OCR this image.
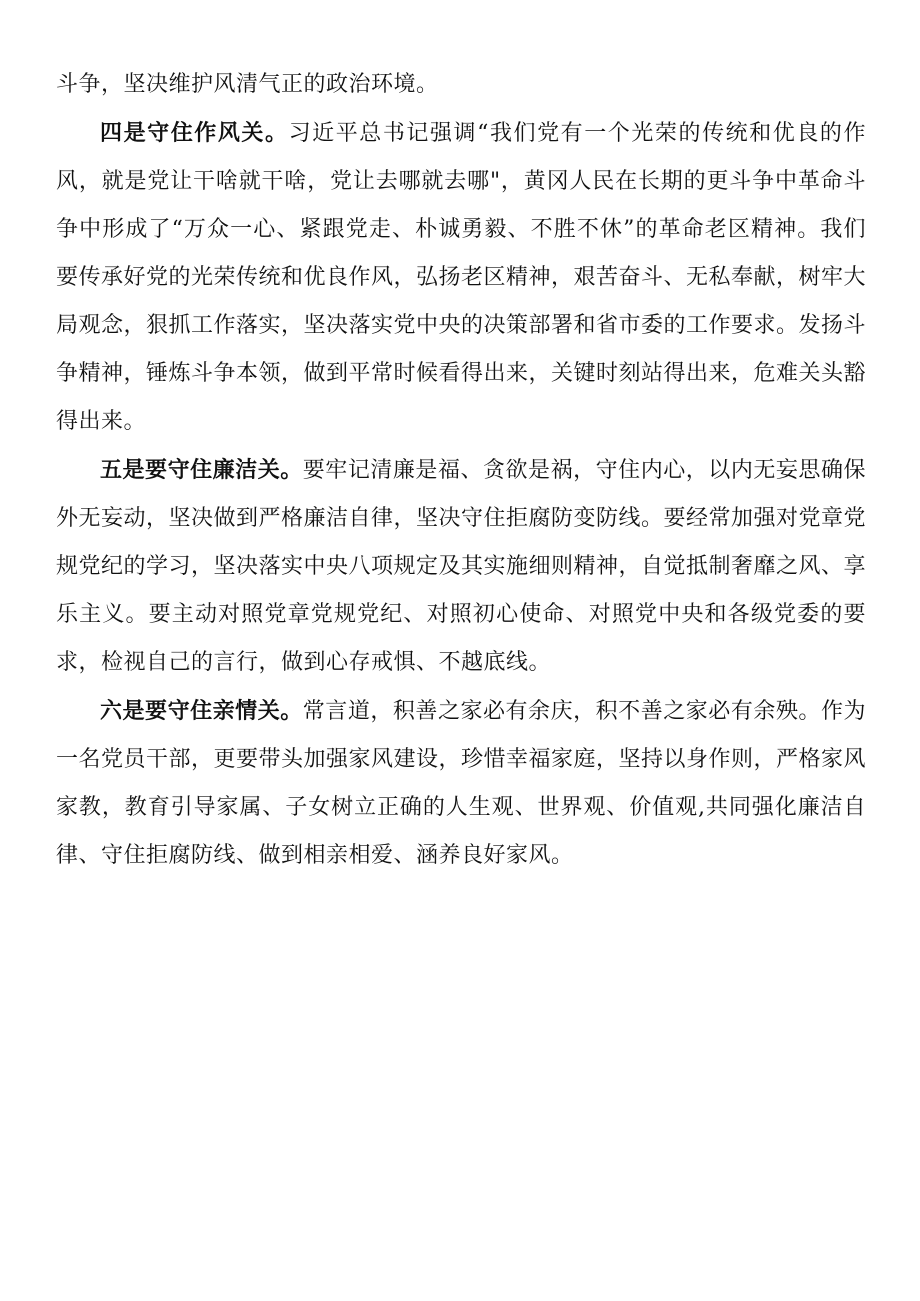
斗争，坚决维护风清气正的政治环境。

四是守住作风关。习近平总书记强调“我们党有一个光荣的传统和优良的作风，就是党让干啥就干啥，党让去哪就去哪"，黄冈人民在长期的更斗争中革命斗争中形成了“万众一心、紧跟党走、朴诚勇毅、不胜不休”的革命老区精神。我们要传承好党的光荣传统和优良作风，弘扬老区精神，艰苦奋斗、无私奉献，树牢大局观念，狠抓工作落实，坚决落实党中央的决策部署和省市委的工作要求。发扬斗争精神，锤炼斗争本领，做到平常时候看得出来，关键时刻站得出来，危难关头豁得出来。

五是要守住廉洁关。要牢记清廉是福、贪欲是祸，守住内心，以内无妄思确保外无妄动，坚决做到严格廉洁自律，坚决守住拒腐防变防线。要经常加强对党章党规党纪的学习，坚决落实中央八项规定及其实施细则精神，自觉抵制奢靡之风、享乐主义。要主动对照党章党规党纪、对照初心使命、对照党中央和各级党委的要求，检视自己的言行，做到心存戒惧、不越底线。

六是要守住亲情关。常言道，积善之家必有余庆，积不善之家必有余殃。作为一名党员干部，更要带头加强家风建设，珍惜幸福家庭，坚持以身作则，严格家风家教，教育引导家属、子女树立正确的人生观、世界观、价值观,共同强化廉洁自律、守住拒腐防线、做到相亲相爱、涵养良好家风。
